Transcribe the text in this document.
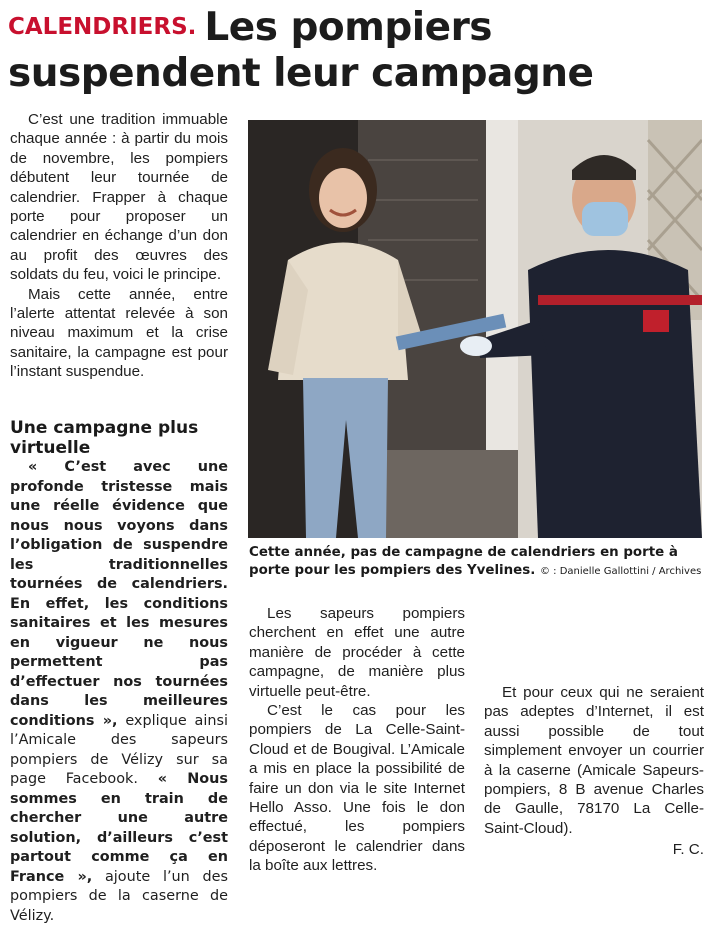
CALENDRIERS. Les pompiers suspendent leur campagne

C’est une tradition immuable chaque année : à partir du mois de novembre, les pompiers débutent leur tournée de calendrier. Frapper à chaque porte pour proposer un calendrier en échange d’un don au profit des œuvres des soldats du feu, voici le principe.

Mais cette année, entre l’alerte attentat relevée à son niveau maximum et la crise sanitaire, la campagne est pour l’instant suspendue.

Une campagne plus virtuelle

« C’est avec une profonde tristesse mais une réelle évidence que nous nous voyons dans l’obligation de suspendre les traditionnelles tournées de calendriers. En effet, les conditions sanitaires et les mesures en vigueur ne nous permettent pas d’effectuer nos tournées dans les meilleures conditions », explique ainsi l’Amicale des sapeurs pompiers de Vélizy sur sa page Facebook. « Nous sommes en train de chercher une autre solution, d’ailleurs c’est partout comme ça en France », ajoute l’un des pompiers de la caserne de Vélizy.

Cette année, pas de campagne de calendriers en porte à porte pour les pompiers des Yvelines. © : Danielle Gallottini / Archives

Les sapeurs pompiers cherchent en effet une autre manière de procéder à cette campagne, de manière plus virtuelle peut-être.

C’est le cas pour les pompiers de La Celle-Saint-Cloud et de Bougival. L’Amicale a mis en place la possibilité de faire un don via le site Internet Hello Asso. Une fois le don effectué, les pompiers déposeront le calendrier dans la boîte aux lettres.

Et pour ceux qui ne seraient pas adeptes d’Internet, il est aussi possible de tout simplement envoyer un courrier à la caserne (Amicale Sapeurs-pompiers, 8 B avenue Charles de Gaulle, 78170 La Celle-Saint-Cloud).

F. C.
